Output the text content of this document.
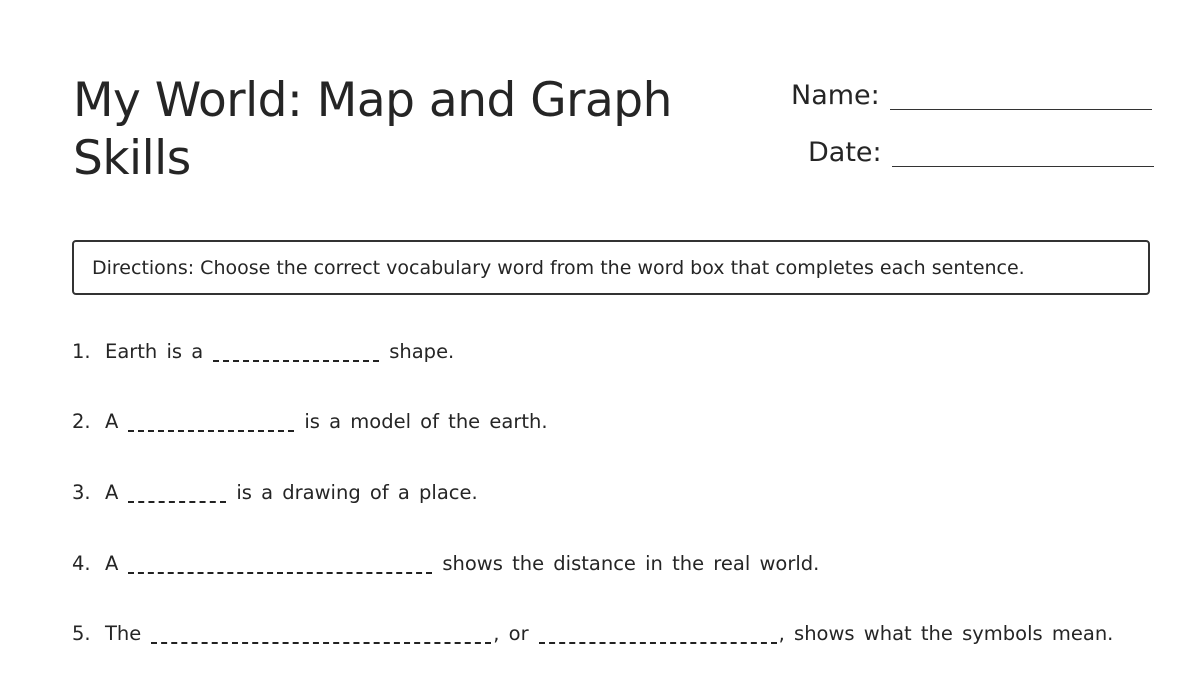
My World: Map and Graph Skills
Name:
Date:
Directions: Choose the correct vocabulary word from the word box that completes each sentence.
1. Earth is a	shape.
2. A	is a model of the earth.
3. A	is a drawing of a place.
4. A	shows the distance in the real world.
5. The	, or	, shows what the symbols mean.
